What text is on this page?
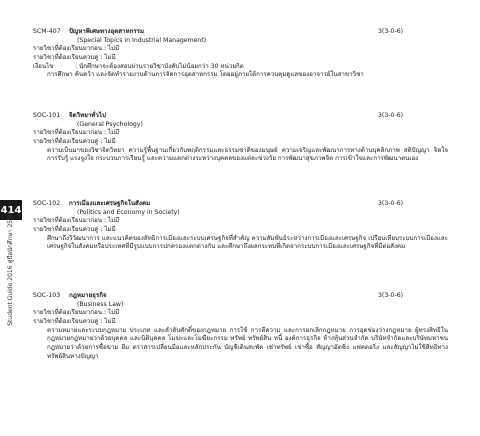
414
Student Guide 2016 คู่มือนักศึกษา 2559
SCM-407	ปัญหาพิเศษทางอุตสาหกรรม	3(3-0-6)
(Special Topics in Industrial Management)
รายวิชาที่ต้องเรียนมาก่อน : ไม่มี
รายวิชาที่ต้องเรียนควบคู่ : ไม่มี
เงื่อนไข	: นักศึกษาจะต้องสอบผ่านรายวิชาบังคับไม่น้อยกว่า 30 หน่วยกิต
การศึกษา ค้นคว้า และจัดทำรายงานด้านการจัดการอุตสาหกรรม โดยอยู่ภายใต้การควบคุมดูแลของอาจารย์ในสาขาวิชา
SOC-101	จิตวิทยาทั่วไป	3(3-0-6)
(General Psychology)
รายวิชาที่ต้องเรียนมาก่อน : ไม่มี
รายวิชาที่ต้องเรียนควบคู่ : ไม่มี
ความเป็นมาของวิชาจิตวิทยา ความรู้พื้นฐานเกี่ยวกับพฤติกรรมและธรรมชาติของมนุษย์ ความเจริญและพัฒนาการทางด้านบุคลิกภาพ สติปัญญา จิตใจ การรับรู้ แรงจูงใจ กระบวนการเรียนรู้ และความแตกต่างระหว่างบุคคลของแต่ละช่วงวัย การพัฒนาสุขภาพจิต การเข้าใจและการพัฒนาตนเอง
SOC-102	การเมืองและเศรษฐกิจในสังคม	3(3-0-6)
(Politics and Economy in Society)
รายวิชาที่ต้องเรียนมาก่อน : ไม่มี
รายวิชาที่ต้องเรียนควบคู่ : ไม่มี
ศึกษาถึงวิวัฒนาการ และแนวคิดของลัทธิการเมืองและระบบเศรษฐกิจที่สำคัญ ความสัมพันธ์ระหว่างการเมืองและเศรษฐกิจ เปรียบเทียบระบบการเมืองและเศรษฐกิจในสังคมหรือประเทศที่มีรูปแบบการปกครองแตกต่างกัน และศึกษาถึงผลกระทบที่เกิดจากระบบการเมืองและเศรษฐกิจที่มีต่อสังคม
SOC-103	กฎหมายธุรกิจ	3(3-0-6)
(Business Law)
รายวิชาที่ต้องเรียนมาก่อน : ไม่มี
รายวิชาที่ต้องเรียนควบคู่ : ไม่มี
ความหมายและระบบกฎหมาย ประเภท และลำดับศักดิ์ของกฎหมาย การใช้ การตีความ และการยกเลิกกฎหมาย การอุดช่องว่างกฎหมาย ผู้ทรงสิทธิในกฎหมายกฎหมายว่าด้วยบุคคล และนิติบุคคล โมฆะและโมฆียะกรรม ทรัพย์ ทรัพย์สิน หนี้ องค์การธุรกิจ ห้างหุ้นส่วนจำกัด บริษัทจำกัดและบริษัทมหาชน กฎหมายว่าด้วยการซื้อขาย ยืม ตราสารเปลี่ยนมือและหลักประกัน บัญชีเดินสะพัด เช่าทรัพย์ เช่าซื้อ สัญญาอัตซิ่ง แฟคตอริ่ง และสัญญาไม่ใช้สิทธิทางทรัพย์สินทางปัญญา
